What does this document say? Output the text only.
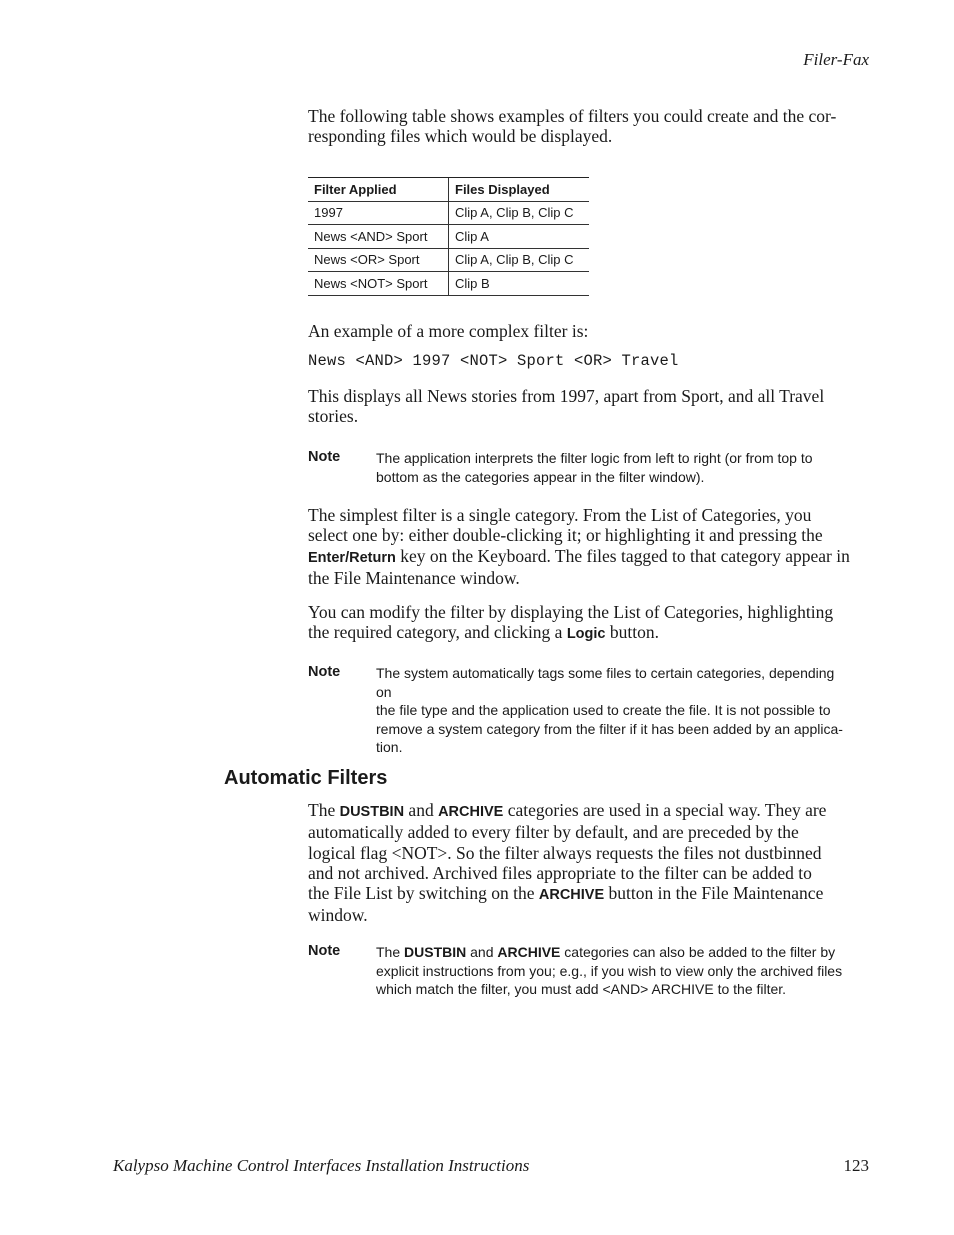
Filer-Fax
The following table shows examples of filters you could create and the cor-
responding files which would be displayed.
Filter Applied	Files Displayed
1997	Clip A, Clip B, Clip C
News <AND> Sport	Clip A
News <OR> Sport	Clip A, Clip B, Clip C
News <NOT> Sport	Clip B
An example of a more complex filter is:
News <AND> 1997 <NOT> Sport <OR> Travel
This displays all News stories from 1997, apart from Sport, and all Travel
stories.
Note	The application interprets the filter logic from left to right (or from top to
bottom as the categories appear in the filter window).
The simplest filter is a single category. From the List of Categories, you
select one by: either double-clicking it; or highlighting it and pressing the
Enter/Return key on the Keyboard. The files tagged to that category appear in
the File Maintenance window.
You can modify the filter by displaying the List of Categories, highlighting
the required category, and clicking a Logic button.
Note	The system automatically tags some files to certain categories, depending on
the file type and the application used to create the file. It is not possible to
remove a system category from the filter if it has been added by an applica-
tion.
Automatic Filters
The DUSTBIN and ARCHIVE categories are used in a special way. They are
automatically added to every filter by default, and are preceded by the
logical flag <NOT>. So the filter always requests the files not dustbinned
and not archived. Archived files appropriate to the filter can be added to
the File List by switching on the ARCHIVE button in the File Maintenance
window.
Note	The DUSTBIN and ARCHIVE categories can also be added to the filter by
explicit instructions from you; e.g., if you wish to view only the archived files
which match the filter, you must add <AND> ARCHIVE to the filter.
Kalypso Machine Control Interfaces Installation Instructions	123
